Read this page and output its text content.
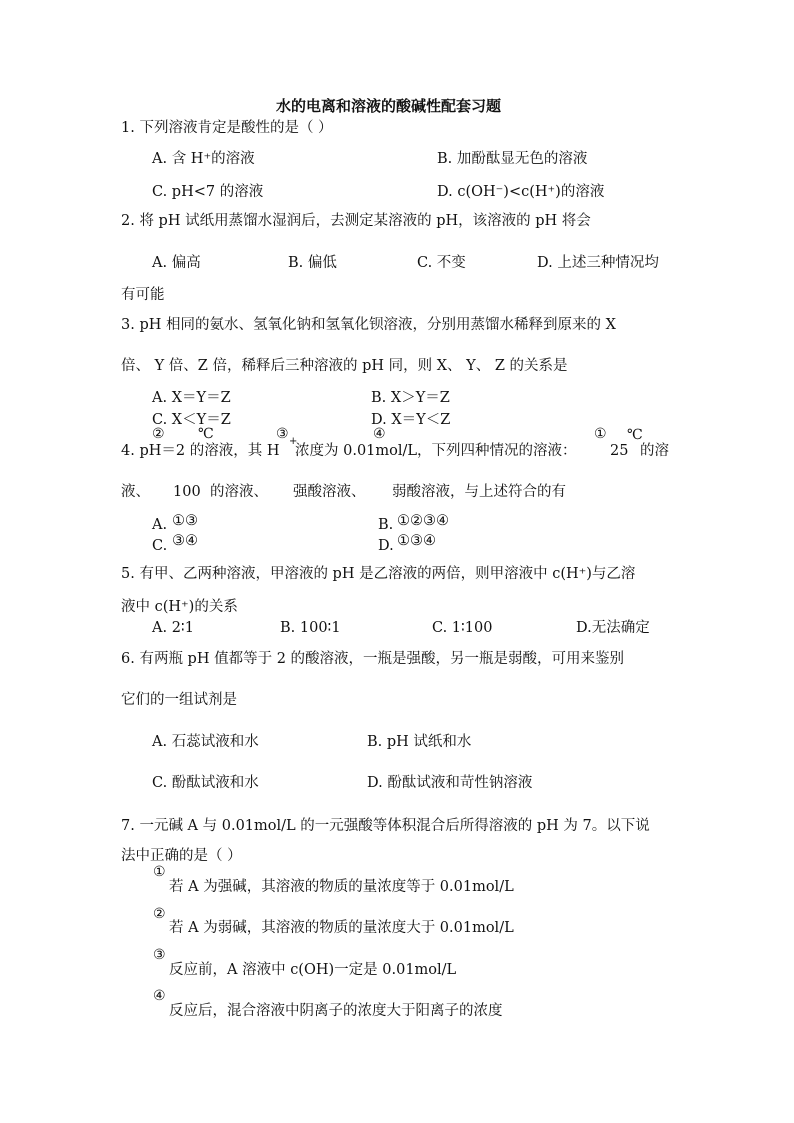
水的电离和溶液的酸碱性配套习题
1. 下列溶液肯定是酸性的是（ ）
A. 含 H⁺的溶液	B. 加酚酞显无色的溶液
C. pH<7 的溶液	D. c(OH⁻)<c(H⁺)的溶液
2. 将 pH 试纸用蒸馏水湿润后，去测定某溶液的 pH，该溶液的 pH 将会
A. 偏高	B. 偏低	C. 不变	D. 上述三种情况均
有可能
3. pH 相同的氨水、氢氧化钠和氢氧化钡溶液，分别用蒸馏水稀释到原来的 X
倍、 Y 倍、Z 倍，稀释后三种溶液的 pH 同，则 X、 Y、 Z 的关系是
A. X＝Y＝Z	B. X＞Y＝Z
C. X＜Y＝Z	D. X＝Y＜Z
4. pH＝2 的溶液，其 H
+
浓度为 0.01mol/L，下列四种情况的溶液： 25 的溶
② ℃	③	④	① ℃
液、 100 的溶液、 强酸溶液、 弱酸溶液，与上述符合的有
A. ①③	B. ①②③④
C. ③④	D. ①③④
5. 有甲、乙两种溶液，甲溶液的 pH 是乙溶液的两倍，则甲溶液中 c(H⁺)与乙溶
液中 c(H⁺)的关系
A. 2∶1	B. 100∶1	C. 1∶100	D.无法确定
6. 有两瓶 pH 值都等于 2 的酸溶液，一瓶是强酸，另一瓶是弱酸，可用来鉴别
它们的一组试剂是
A. 石蕊试液和水	B. pH 试纸和水
C. 酚酞试液和水	D. 酚酞试液和苛性钠溶液
7. 一元碱 A 与 0.01mol/L 的一元强酸等体积混合后所得溶液的 pH 为 7。以下说
法中正确的是（ ）
①
若 A 为强碱，其溶液的物质的量浓度等于 0.01mol/L
②
若 A 为弱碱，其溶液的物质的量浓度大于 0.01mol/L
③
反应前，A 溶液中 c(OH)一定是 0.01mol/L
④
反应后，混合溶液中阴离子的浓度大于阳离子的浓度
